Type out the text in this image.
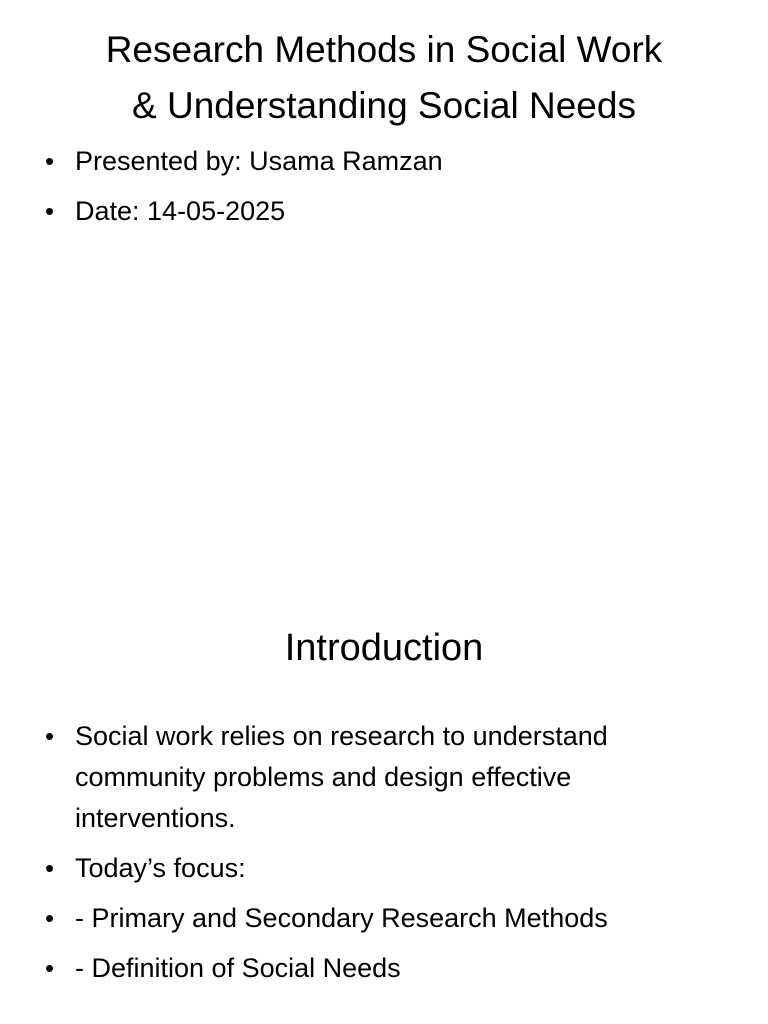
Research Methods in Social Work
& Understanding Social Needs
• Presented by: Usama Ramzan
• Date: 14-05-2025
Introduction
• Social work relies on research to understand community problems and design effective interventions.
• Today’s focus:
• - Primary and Secondary Research Methods
• - Definition of Social Needs
